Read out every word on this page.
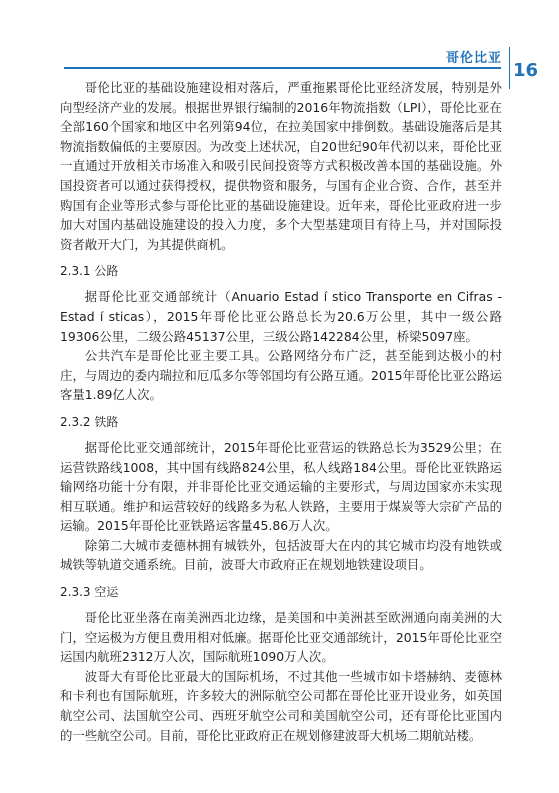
哥伦比亚
16

哥伦比亚的基础设施建设相对落后，严重拖累哥伦比亚经济发展，特别是外向型经济产业的发展。根据世界银行编制的2016年物流指数（LPI），哥伦比亚在全部160个国家和地区中名列第94位，在拉美国家中排倒数。基础设施落后是其物流指数偏低的主要原因。为改变上述状况，自20世纪90年代初以来，哥伦比亚一直通过开放相关市场准入和吸引民间投资等方式积极改善本国的基础设施。外国投资者可以通过获得授权，提供物资和服务，与国有企业合资、合作，甚至并购国有企业等形式参与哥伦比亚的基础设施建设。近年来，哥伦比亚政府进一步加大对国内基础设施建设的投入力度，多个大型基建项目有待上马，并对国际投资者敞开大门，为其提供商机。

2.3.1 公路

据哥伦比亚交通部统计（Anuario Estad ı́ stico Transporte en Cifras - Estad ı́ sticas），2015年哥伦比亚公路总长为20.6万公里，其中一级公路19306公里，二级公路45137公里，三级公路142284公里，桥梁5097座。

公共汽车是哥伦比亚主要工具。公路网络分布广泛，甚至能到达极小的村庄，与周边的委内瑞拉和厄瓜多尔等邻国均有公路互通。2015年哥伦比亚公路运客量1.89亿人次。

2.3.2 铁路

据哥伦比亚交通部统计，2015年哥伦比亚营运的铁路总长为3529公里；在运营铁路线1008，其中国有线路824公里，私人线路184公里。哥伦比亚铁路运输网络功能十分有限，并非哥伦比亚交通运输的主要形式，与周边国家亦未实现相互联通。维护和运营较好的线路多为私人铁路，主要用于煤炭等大宗矿产品的运输。2015年哥伦比亚铁路运客量45.86万人次。

除第二大城市麦德林拥有城铁外，包括波哥大在内的其它城市均没有地铁或城铁等轨道交通系统。目前，波哥大市政府正在规划地铁建设项目。

2.3.3 空运

哥伦比亚坐落在南美洲西北边缘，是美国和中美洲甚至欧洲通向南美洲的大门，空运极为方便且费用相对低廉。据哥伦比亚交通部统计，2015年哥伦比亚空运国内航班2312万人次，国际航班1090万人次。

波哥大有哥伦比亚最大的国际机场，不过其他一些城市如卡塔赫纳、麦德林和卡利也有国际航班，许多较大的洲际航空公司都在哥伦比亚开设业务，如英国航空公司、法国航空公司、西班牙航空公司和美国航空公司，还有哥伦比亚国内的一些航空公司。目前，哥伦比亚政府正在规划修建波哥大机场二期航站楼。
